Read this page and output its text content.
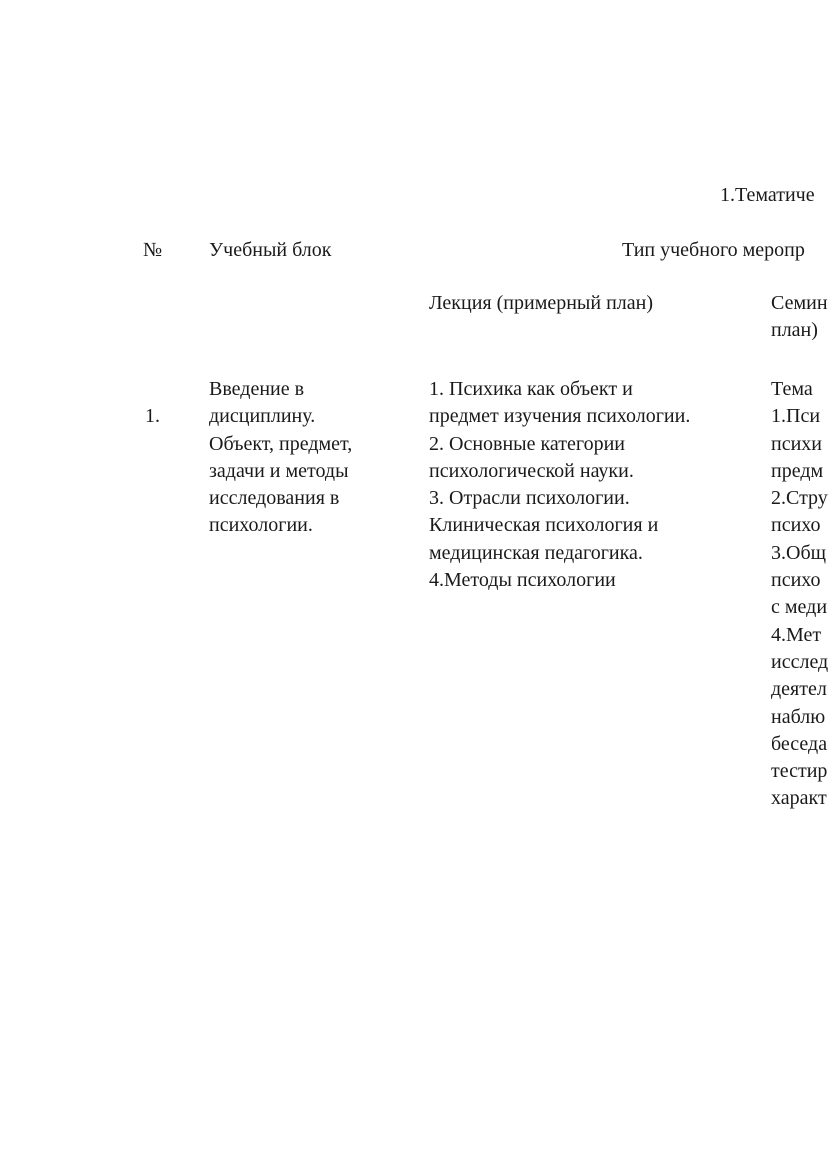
1.Тематиче
№ Учебный блок	Тип учебного меропр
Лекция (примерный план)	Семин
план)
1.
Введение в
дисциплину.
Объект, предмет,
задачи и методы
исследования в
психологии.
1. Психика как объект и
предмет изучения психологии.
2. Основные категории
психологической науки.
3. Отрасли психологии.
Клиническая психология и
медицинская педагогика.
4.Методы психологии
Тема
1.Пси
психи
предм
2.Стру
психо
3.Общ
психо
с меди
4.Мет
исслед
деятел
наблю
беседа
тестир
характ
